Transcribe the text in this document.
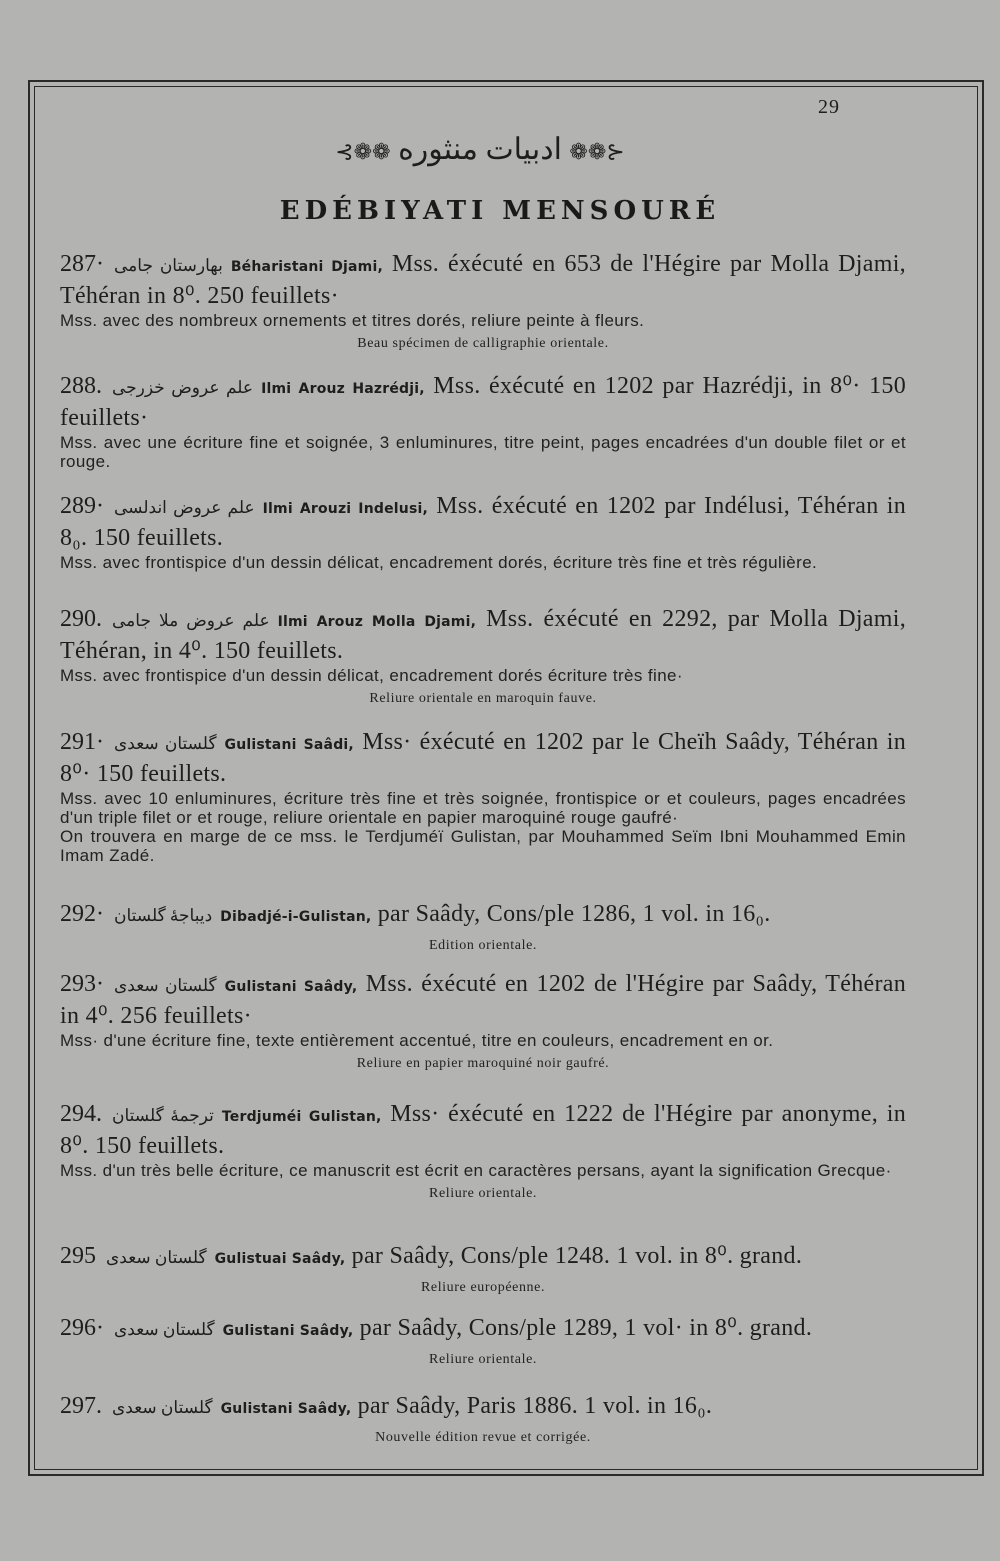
29
⊰❁❁ ادبيات منثوره ❁❁⊱
EDÉBIYATI MENSOURÉ
287· بهارستان جامی Béharistani Djami, Mss. éxécuté en 653 de l'Hégire par Molla Djami, Téhéran in 8⁰. 250 feuillets·
Mss. avec des nombreux ornements et titres dorés, reliure peinte à fleurs.
Beau spécimen de calligraphie orientale.
288. علم عروض خزرجی Ilmi Arouz Hazrédji, Mss. éxécuté en 1202 par Hazrédji, in 8⁰· 150 feuillets·
Mss. avec une écriture fine et soignée, 3 enluminures, titre peint, pages encadrées d'un double filet or et rouge.
289· علم عروض اندلسی Ilmi Arouzi Indelusi, Mss. éxécuté en 1202 par Indélusi, Téhéran in 8₀. 150 feuillets.
Mss. avec frontispice d'un dessin délicat, encadrement dorés, écriture très fine et très régulière.
290. علم عروض ملا جامی Ilmi Arouz Molla Djami, Mss. éxécuté en 2292, par Molla Djami, Téhéran, in 4⁰. 150 feuillets.
Mss. avec frontispice d'un dessin délicat, encadrement dorés écriture très fine·
Reliure orientale en maroquin fauve.
291· گلستان سعدی Gulistani Saâdi, Mss· éxécuté en 1202 par le Cheïh Saâdy, Téhéran in 8⁰· 150 feuillets.
Mss. avec 10 enluminures, écriture très fine et très soignée, frontispice or et couleurs, pages encadrées d'un triple filet or et rouge, reliure orientale en papier maroquiné rouge gaufré·
On trouvera en marge de ce mss. le Terdjuméï Gulistan, par Mouhammed Seïm Ibni Mouhammed Emin Imam Zadé.
292· دیباجهٔ گلستان Dibadjé-i-Gulistan, par Saâdy, Cons/ple 1286, 1 vol. in 16₀.
Edition orientale.
293· گلستان سعدی Gulistani Saâdy, Mss. éxécuté en 1202 de l'Hégire par Saâdy, Téhéran in 4⁰. 256 feuillets·
Mss· d'une écriture fine, texte entièrement accentué, titre en couleurs, encadrement en or.
Reliure en papier maroquiné noir gaufré.
294. ترجمهٔ گلستان Terdjuméi Gulistan, Mss· éxécuté en 1222 de l'Hégire par anonyme, in 8⁰. 150 feuillets.
Mss. d'un très belle écriture, ce manuscrit est écrit en caractères persans, ayant la signification Grecque·
Reliure orientale.
295 گلستان سعدی Gulistuai Saâdy, par Saâdy, Cons/ple 1248. 1 vol. in 8⁰. grand.
Reliure européenne.
296· گلستان سعدی Gulistani Saâdy, par Saâdy, Cons/ple 1289, 1 vol· in 8⁰. grand.
Reliure orientale.
297. گلستان سعدی Gulistani Saâdy, par Saâdy, Paris 1886. 1 vol. in 16₀.
Nouvelle édition revue et corrigée.
